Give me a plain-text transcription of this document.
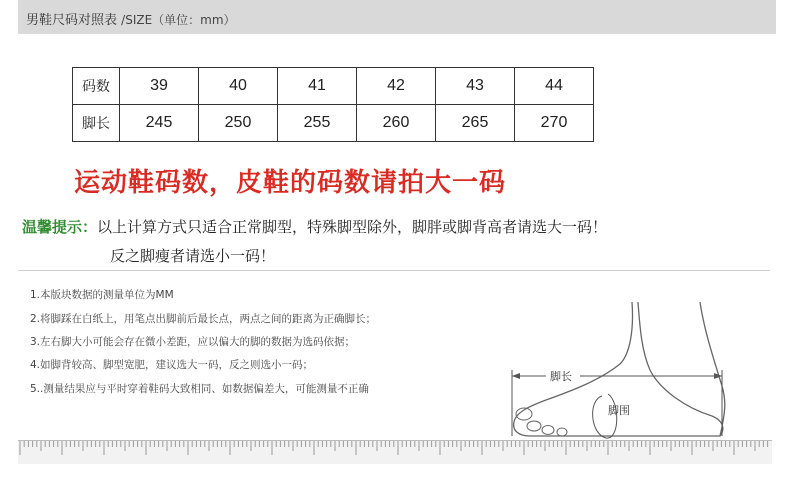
男鞋尺码对照表 /SIZE（单位：mm）
码数	39	40	41	42	43	44
脚长	245	250	255	260	265	270
运动鞋码数，皮鞋的码数请拍大一码
温馨提示：以上计算方式只适合正常脚型，特殊脚型除外，脚胖或脚背高者请选大一码！
反之脚瘦者请选小一码！
1.本版块数据的测量单位为MM
2.将脚踩在白纸上，用笔点出脚前后最长点，两点之间的距离为正确脚长；
3.左右脚大小可能会存在微小差距，应以偏大的脚的数据为选码依据；
4.如脚背较高、脚型宽肥，建议选大一码，反之则选小一码；
5..测量结果应与平时穿着鞋码大致相同、如数据偏差大，可能测量不正确
脚长
脚围
